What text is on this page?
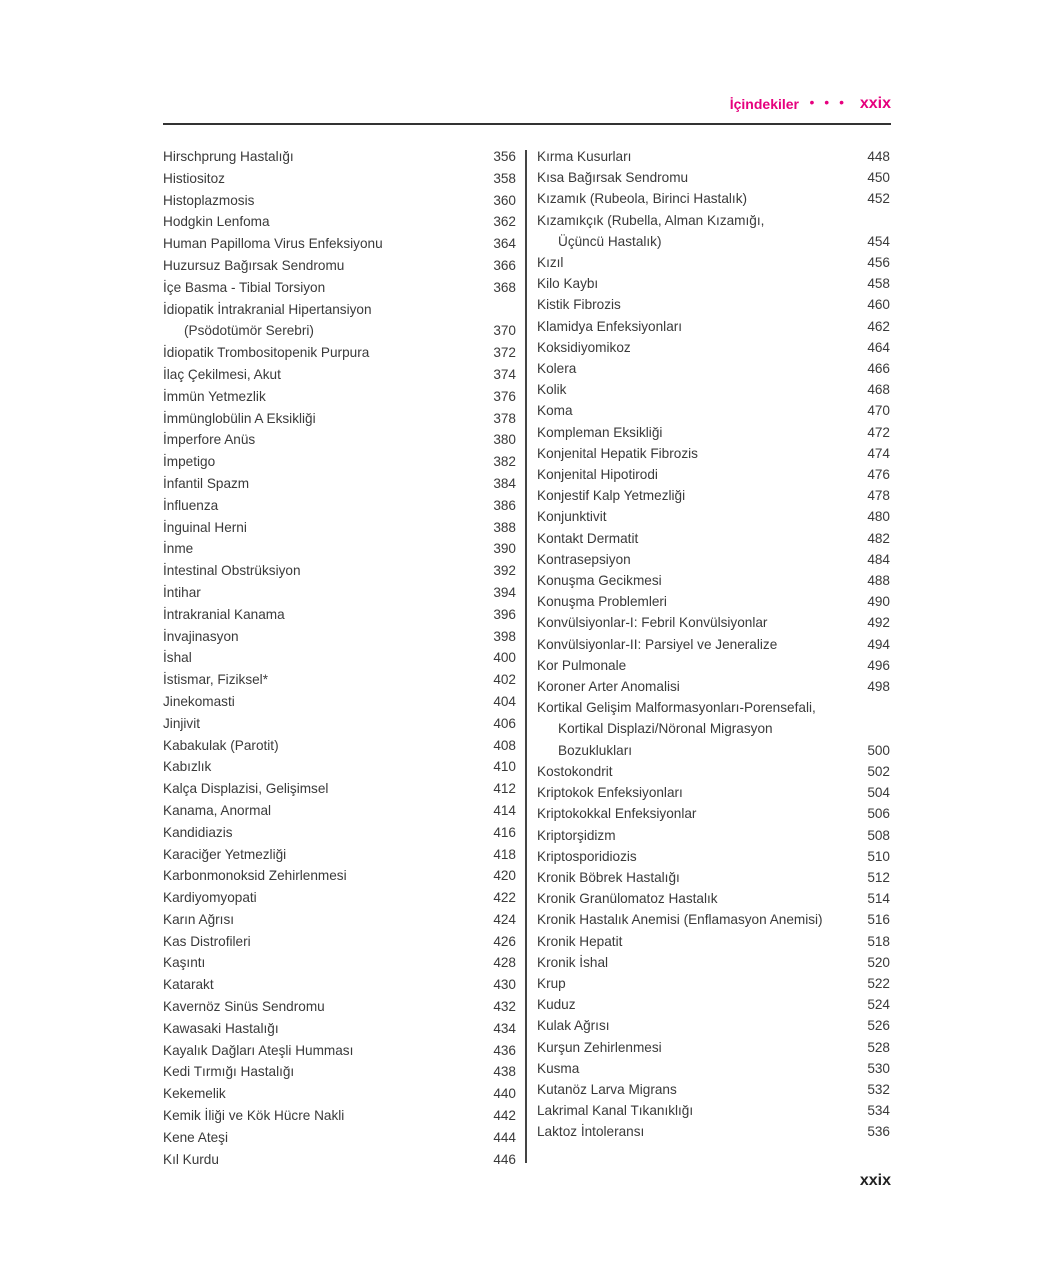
İçindekiler • • • xxix
Hirschprung Hastalığı	356
Histiositoz	358
Histoplazmosis	360
Hodgkin Lenfoma	362
Human Papilloma Virus Enfeksiyonu	364
Huzursuz Bağırsak Sendromu	366
İçe Basma - Tibial Torsiyon	368
İdiopatik İntrakranial Hipertansiyon
(Psödotümör Serebri)	370
İdiopatik Trombositopenik Purpura	372
İlaç Çekilmesi, Akut	374
İmmün Yetmezlik	376
İmmünglobülin A Eksikliği	378
İmperfore Anüs	380
İmpetigo	382
İnfantil Spazm	384
İnfluenza	386
İnguinal Herni	388
İnme	390
İntestinal Obstrüksiyon	392
İntihar	394
İntrakranial Kanama	396
İnvajinasyon	398
İshal	400
İstismar, Fiziksel*	402
Jinekomasti	404
Jinjivit	406
Kabakulak (Parotit)	408
Kabızlık	410
Kalça Displazisi, Gelişimsel	412
Kanama, Anormal	414
Kandidiazis	416
Karaciğer Yetmezliği	418
Karbonmonoksid Zehirlenmesi	420
Kardiyomyopati	422
Karın Ağrısı	424
Kas Distrofileri	426
Kaşıntı	428
Katarakt	430
Kavernöz Sinüs Sendromu	432
Kawasaki Hastalığı	434
Kayalık Dağları Ateşli Humması	436
Kedi Tırmığı Hastalığı	438
Kekemelik	440
Kemik İliği ve Kök Hücre Nakli	442
Kene Ateşi	444
Kıl Kurdu	446
Kırma Kusurları	448
Kısa Bağırsak Sendromu	450
Kızamık (Rubeola, Birinci Hastalık)	452
Kızamıkçık (Rubella, Alman Kızamığı,
Üçüncü Hastalık)	454
Kızıl	456
Kilo Kaybı	458
Kistik Fibrozis	460
Klamidya Enfeksiyonları	462
Koksidiyomikoz	464
Kolera	466
Kolik	468
Koma	470
Kompleman Eksikliği	472
Konjenital Hepatik Fibrozis	474
Konjenital Hipotirodi	476
Konjestif Kalp Yetmezliği	478
Konjunktivit	480
Kontakt Dermatit	482
Kontrasepsiyon	484
Konuşma Gecikmesi	488
Konuşma Problemleri	490
Konvülsiyonlar-I: Febril Konvülsiyonlar	492
Konvülsiyonlar-II: Parsiyel ve Jeneralize	494
Kor Pulmonale	496
Koroner Arter Anomalisi	498
Kortikal Gelişim Malformasyonları-Porensefali,
Kortikal Displazi/Nöronal Migrasyon
Bozuklukları	500
Kostokondrit	502
Kriptokok Enfeksiyonları	504
Kriptokokkal Enfeksiyonlar	506
Kriptorşidizm	508
Kriptosporidiozis	510
Kronik Böbrek Hastalığı	512
Kronik Granülomatoz Hastalık	514
Kronik Hastalık Anemisi (Enflamasyon Anemisi)	516
Kronik Hepatit	518
Kronik İshal	520
Krup	522
Kuduz	524
Kulak Ağrısı	526
Kurşun Zehirlenmesi	528
Kusma	530
Kutanöz Larva Migrans	532
Lakrimal Kanal Tıkanıklığı	534
Laktoz İntoleransı	536
xxix
